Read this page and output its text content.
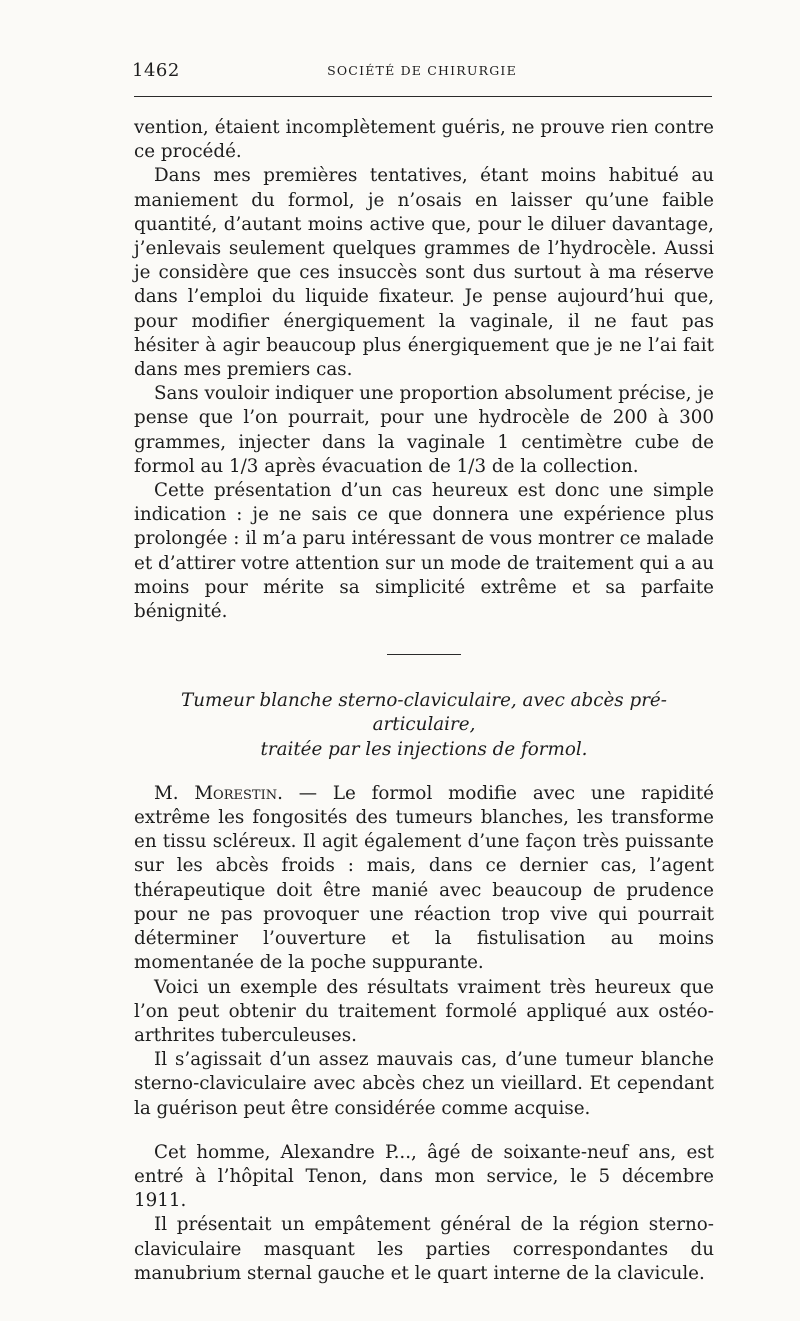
1462	SOCIÉTÉ DE CHIRURGIE

vention, étaient incomplètement guéris, ne prouve rien contre ce procédé.

Dans mes premières tentatives, étant moins habitué au maniement du formol, je n’osais en laisser qu’une faible quantité, d’autant moins active que, pour le diluer davantage, j’enlevais seulement quelques grammes de l’hydrocèle. Aussi je considère que ces insuccès sont dus surtout à ma réserve dans l’emploi du liquide fixateur. Je pense aujourd’hui que, pour modifier énergiquement la vaginale, il ne faut pas hésiter à agir beaucoup plus énergiquement que je ne l’ai fait dans mes premiers cas.

Sans vouloir indiquer une proportion absolument précise, je pense que l’on pourrait, pour une hydrocèle de 200 à 300 grammes, injecter dans la vaginale 1 centimètre cube de formol au 1/3 après évacuation de 1/3 de la collection.

Cette présentation d’un cas heureux est donc une simple indication : je ne sais ce que donnera une expérience plus prolongée : il m’a paru intéressant de vous montrer ce malade et d’attirer votre attention sur un mode de traitement qui a au moins pour mérite sa simplicité extrême et sa parfaite bénignité.

Tumeur blanche sterno-claviculaire, avec abcès pré-articulaire,
traitée par les injections de formol.

M. Morestin. — Le formol modifie avec une rapidité extrême les fongosités des tumeurs blanches, les transforme en tissu scléreux. Il agit également d’une façon très puissante sur les abcès froids : mais, dans ce dernier cas, l’agent thérapeutique doit être manié avec beaucoup de prudence pour ne pas provoquer une réaction trop vive qui pourrait déterminer l’ouverture et la fistulisation au moins momentanée de la poche suppurante.

Voici un exemple des résultats vraiment très heureux que l’on peut obtenir du traitement formolé appliqué aux ostéo-arthrites tuberculeuses.

Il s’agissait d’un assez mauvais cas, d’une tumeur blanche sterno-claviculaire avec abcès chez un vieillard. Et cependant la guérison peut être considérée comme acquise.

Cet homme, Alexandre P..., âgé de soixante-neuf ans, est entré à l’hôpital Tenon, dans mon service, le 5 décembre 1911.

Il présentait un empâtement général de la région sterno-claviculaire masquant les parties correspondantes du manubrium sternal gauche et le quart interne de la clavicule.
